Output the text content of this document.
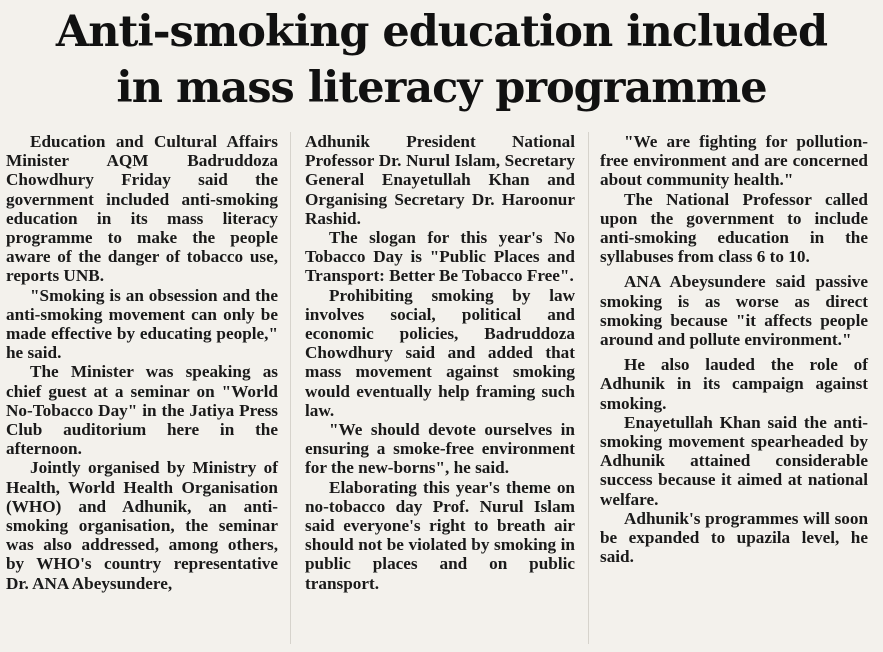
Anti-smoking education included
in mass literacy programme

Education and Cultural Affairs Minister AQM Badruddoza Chowdhury Friday said the government included anti-smoking education in its mass literacy programme to make the people aware of the danger of tobacco use, reports UNB.

"Smoking is an obsession and the anti-smoking movement can only be made effective by educating people," he said.

The Minister was speaking as chief guest at a seminar on "World No-Tobacco Day" in the Jatiya Press Club auditorium here in the afternoon.

Jointly organised by Ministry of Health, World Health Organisation (WHO) and Adhunik, an anti-smoking organisation, the seminar was also addressed, among others, by WHO's country representative Dr. ANA Abeysundere,

Adhunik President National Professor Dr. Nurul Islam, Secretary General Enayetullah Khan and Organising Secretary Dr. Haroonur Rashid.

The slogan for this year's No Tobacco Day is "Public Places and Transport: Better Be Tobacco Free".

Prohibiting smoking by law involves social, political and economic policies, Badruddoza Chowdhury said and added that mass movement against smoking would eventually help framing such law.

"We should devote ourselves in ensuring a smoke-free environment for the new-borns", he said.

Elaborating this year's theme on no-tobacco day Prof. Nurul Islam said everyone's right to breath air should not be violated by smoking in public places and on public transport.

"We are fighting for pollution-free environment and are concerned about community health."

The National Professor called upon the government to include anti-smoking education in the syllabuses from class 6 to 10.

ANA Abeysundere said passive smoking is as worse as direct smoking because "it affects people around and pollute environment."

He also lauded the role of Adhunik in its campaign against smoking.

Enayetullah Khan said the anti-smoking movement spearheaded by Adhunik attained considerable success because it aimed at national welfare.

Adhunik's programmes will soon be expanded to upazila level, he said.
